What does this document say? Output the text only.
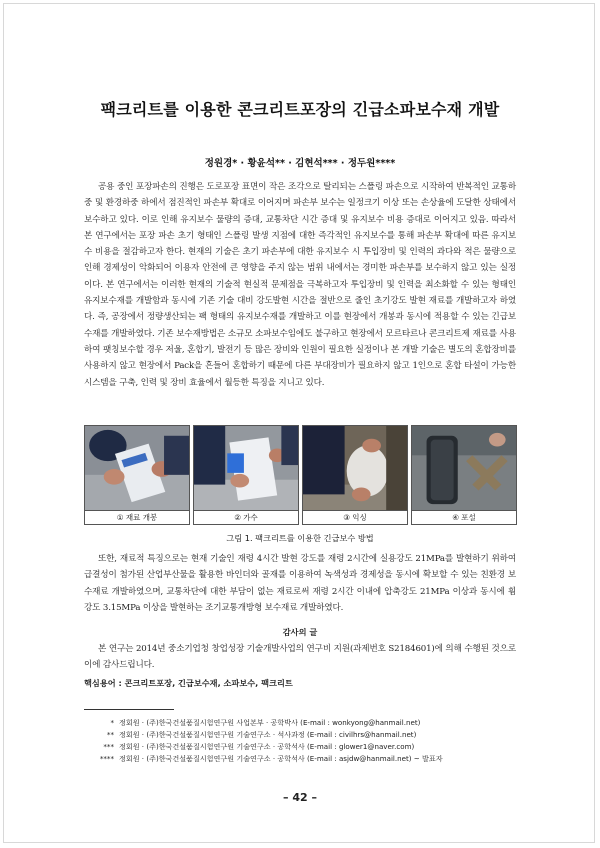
팩크리트를 이용한 콘크리트포장의 긴급소파보수재 개발
정원경* · 황윤석** · 김현석*** · 정두원****

공용 중인 포장파손의 진행은 도로포장 표면이 작은 조각으로 탈리되는 스폴링 파손으로 시작하여 반복적인 교통하중 및 환경하중 하에서 점진적인 파손부 확대로 이어지며 파손부 보수는 일정크기 이상 또는 손상율에 도달한 상태에서 보수하고 있다. 이로 인해 유지보수 물량의 증대, 교통차단 시간 증대 및 유지보수 비용 증대로 이어지고 있음. 따라서 본 연구에서는 포장 파손 초기 형태인 스폴링 발생 지점에 대한 즉각적인 유지보수를 통해 파손부 확대에 따른 유지보수 비용을 절감하고자 한다. 현재의 기술은 초기 파손부에 대한 유지보수 시 투입장비 및 인력의 과다와 적은 물량으로 인해 경제성이 악화되어 이용자 안전에 큰 영향을 주지 않는 범위 내에서는 경미한 파손부를 보수하지 않고 있는 실정이다. 본 연구에서는 이러한 현재의 기술적 현실적 문제점을 극복하고자 투입장비 및 인력을 최소화할 수 있는 형태인 유지보수재를 개발함과 동시에 기존 기술 대비 강도발현 시간을 절반으로 줄인 초기강도 발현 재료를 개발하고자 하였다. 즉, 공장에서 정량생산되는 팩 형태의 유지보수재를 개발하고 이를 현장에서 개봉과 동시에 적용할 수 있는 긴급보수재를 개발하였다. 기존 보수재방법은 소규모 소파보수임에도 불구하고 현장에서 모르타르나 콘크리트제 재료를 사용하여 팻칭보수할 경우 저울, 혼합기, 발전기 등 많은 장비와 인원이 필요한 실정이나 본 개발 기술은 별도의 혼합장비를 사용하지 않고 현장에서 Pack을 흔들어 혼합하기 때문에 다른 부대장비가 필요하지 않고 1인으로 혼합 타설이 가능한 시스템을 구축, 인력 및 장비 효율에서 월등한 특징을 지니고 있다.

① 재료 개봉	② 가수	③ 익싱	④ 포설
그림 1. 팩크리트를 이용한 긴급보수 방법

또한, 재료적 특징으로는 현재 기술인 재령 4시간 발현 강도를 재령 2시간에 실용강도 21MPa를 발현하기 위하여 급결성이 첨가된 산업부산물을 활용한 바인더와 골재를 이용하여 녹색성과 경제성을 동시에 확보할 수 있는 친환경 보수재료 개발하였으며, 교통차단에 대한 부담이 없는 재료로써 재령 2시간 이내에 압축강도 21MPa 이상과 동시에 휨강도 3.15MPa 이상을 발현하는 조기교통개방형 보수재료 개발하였다.

감사의 글

본 연구는 2014년 중소기업청 창업성장 기술개발사업의 연구비 지원(과제번호 S2184601)에 의해 수행된 것으로 이에 감사드립니다.

핵심용어 : 콘크리트포장, 긴급보수재, 소파보수, 팩크리트
* 정회원 · (주)한국건설품질시험연구원 사업본부 · 공학박사 (E-mail : wonkyong@hanmail.net)
** 정회원 · (주)한국건설품질시험연구원 기술연구소 · 석사과정 (E-mail : civilhrs@hanmail.net)
*** 정회원 · (주)한국건설품질시험연구원 기술연구소 · 공학석사 (E-mail : glower1@naver.com)
**** 정회원 · (주)한국건설품질시험연구원 기술연구소 · 공학석사 (E-mail : asjdw@hanmail.net) ~ 발표자
– 42 –
